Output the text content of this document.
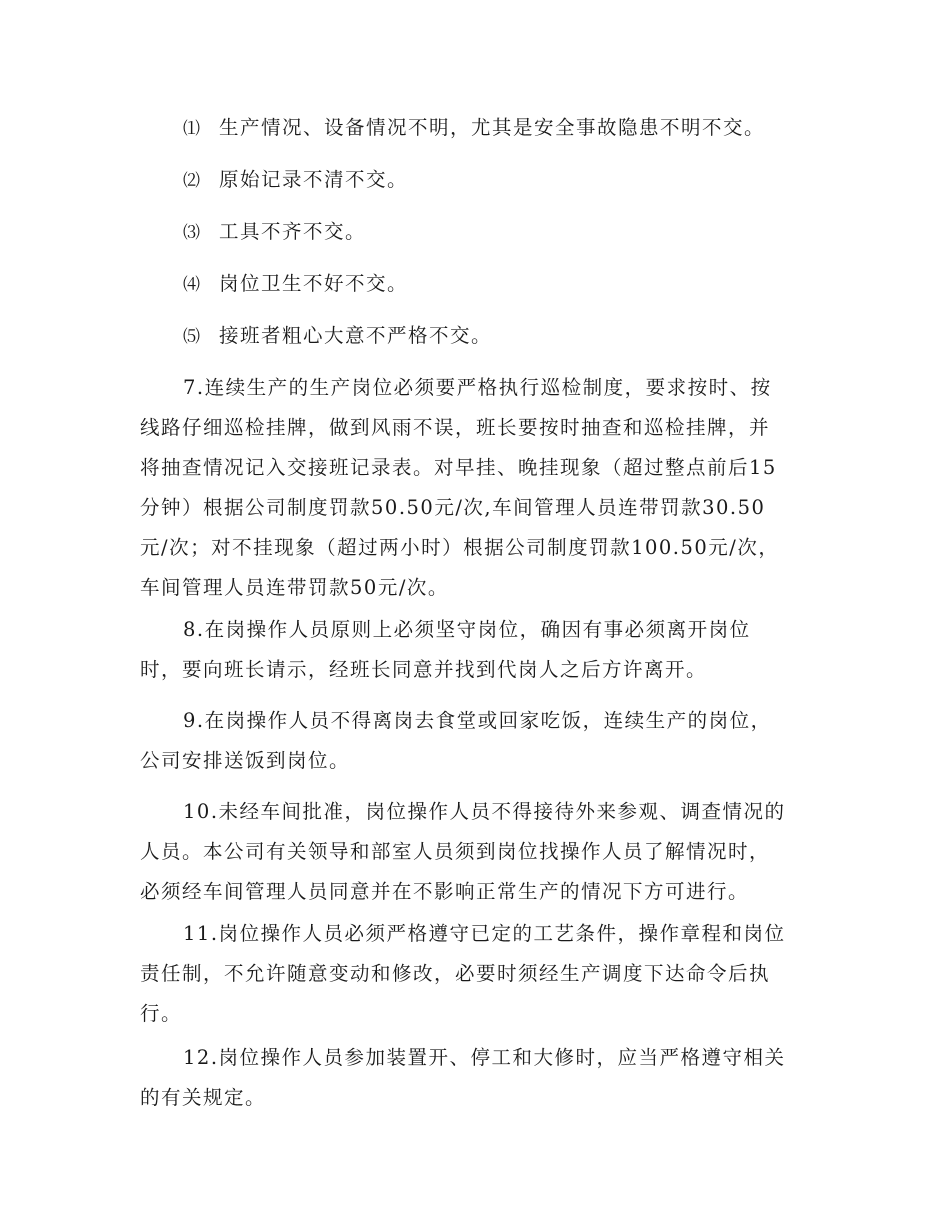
⑴ 生产情况、设备情况不明，尤其是安全事故隐患不明不交。
⑵ 原始记录不清不交。
⑶ 工具不齐不交。
⑷ 岗位卫生不好不交。
⑸ 接班者粗心大意不严格不交。
7.连续生产的生产岗位必须要严格执行巡检制度，要求按时、按
线路仔细巡检挂牌，做到风雨不误，班长要按时抽查和巡检挂牌，并
将抽查情况记入交接班记录表。对早挂、晚挂现象（超过整点前后15
分钟）根据公司制度罚款50.50元/次,车间管理人员连带罚款30.50
元/次；对不挂现象（超过两小时）根据公司制度罚款100.50元/次，
车间管理人员连带罚款50元/次。
8.在岗操作人员原则上必须坚守岗位，确因有事必须离开岗位
时，要向班长请示，经班长同意并找到代岗人之后方许离开。
9.在岗操作人员不得离岗去食堂或回家吃饭，连续生产的岗位，
公司安排送饭到岗位。
10.未经车间批准，岗位操作人员不得接待外来参观、调查情况的
人员。本公司有关领导和部室人员须到岗位找操作人员了解情况时，
必须经车间管理人员同意并在不影响正常生产的情况下方可进行。
11.岗位操作人员必须严格遵守已定的工艺条件，操作章程和岗位
责任制，不允许随意变动和修改，必要时须经生产调度下达命令后执
行。
12.岗位操作人员参加装置开、停工和大修时，应当严格遵守相关
的有关规定。
